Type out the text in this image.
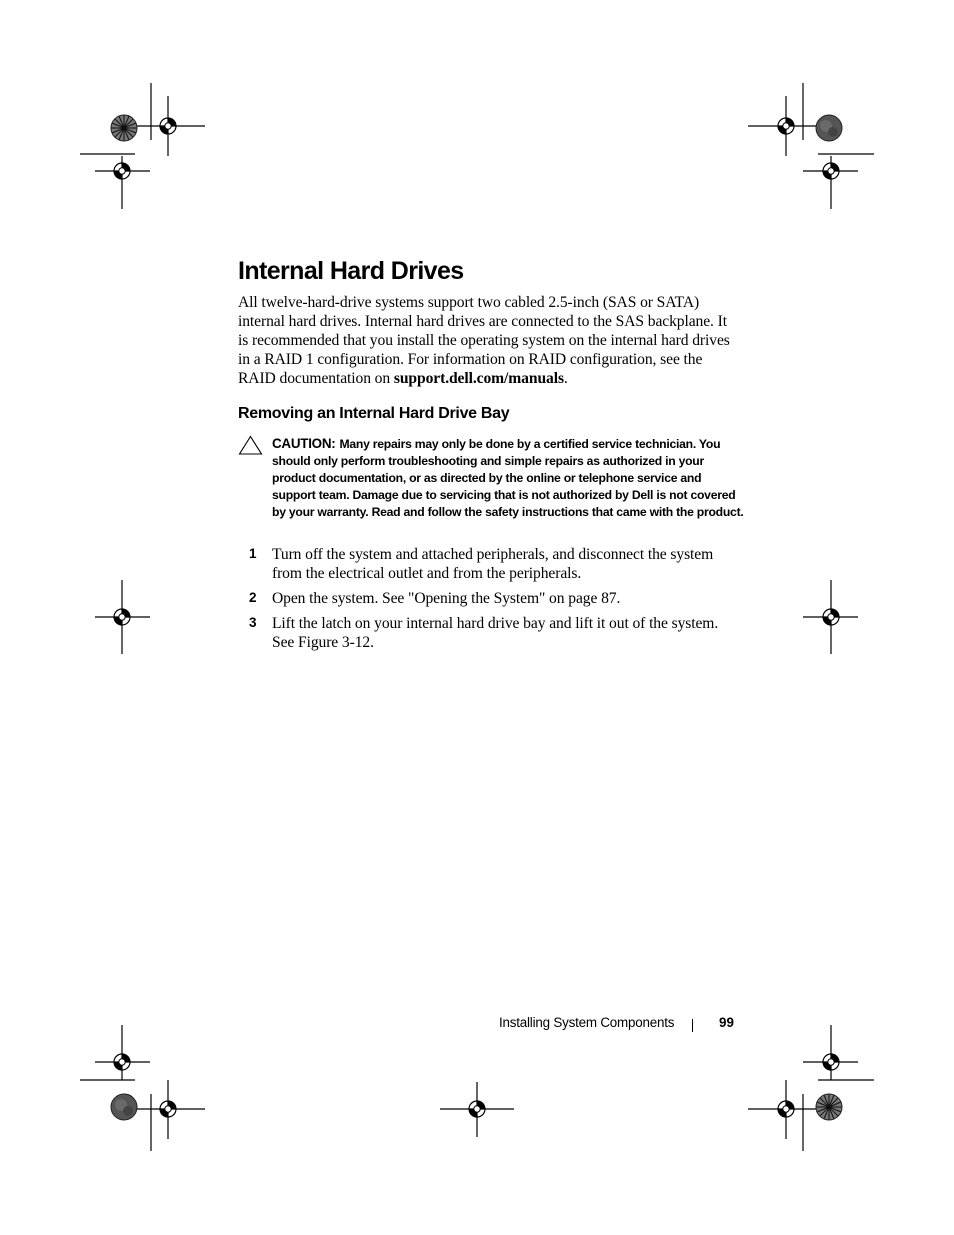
Internal Hard Drives

All twelve-hard-drive systems support two cabled 2.5-inch (SAS or SATA) internal hard drives. Internal hard drives are connected to the SAS backplane. It is recommended that you install the operating system on the internal hard drives in a RAID 1 configuration. For information on RAID configuration, see the RAID documentation on support.dell.com/manuals.

Removing an Internal Hard Drive Bay

CAUTION: Many repairs may only be done by a certified service technician. You should only perform troubleshooting and simple repairs as authorized in your product documentation, or as directed by the online or telephone service and support team. Damage due to servicing that is not authorized by Dell is not covered by your warranty. Read and follow the safety instructions that came with the product.

1 Turn off the system and attached peripherals, and disconnect the system from the electrical outlet and from the peripherals.
2 Open the system. See "Opening the System" on page 87.
3 Lift the latch on your internal hard drive bay and lift it out of the system. See Figure 3-12.
Installing System Components	99
